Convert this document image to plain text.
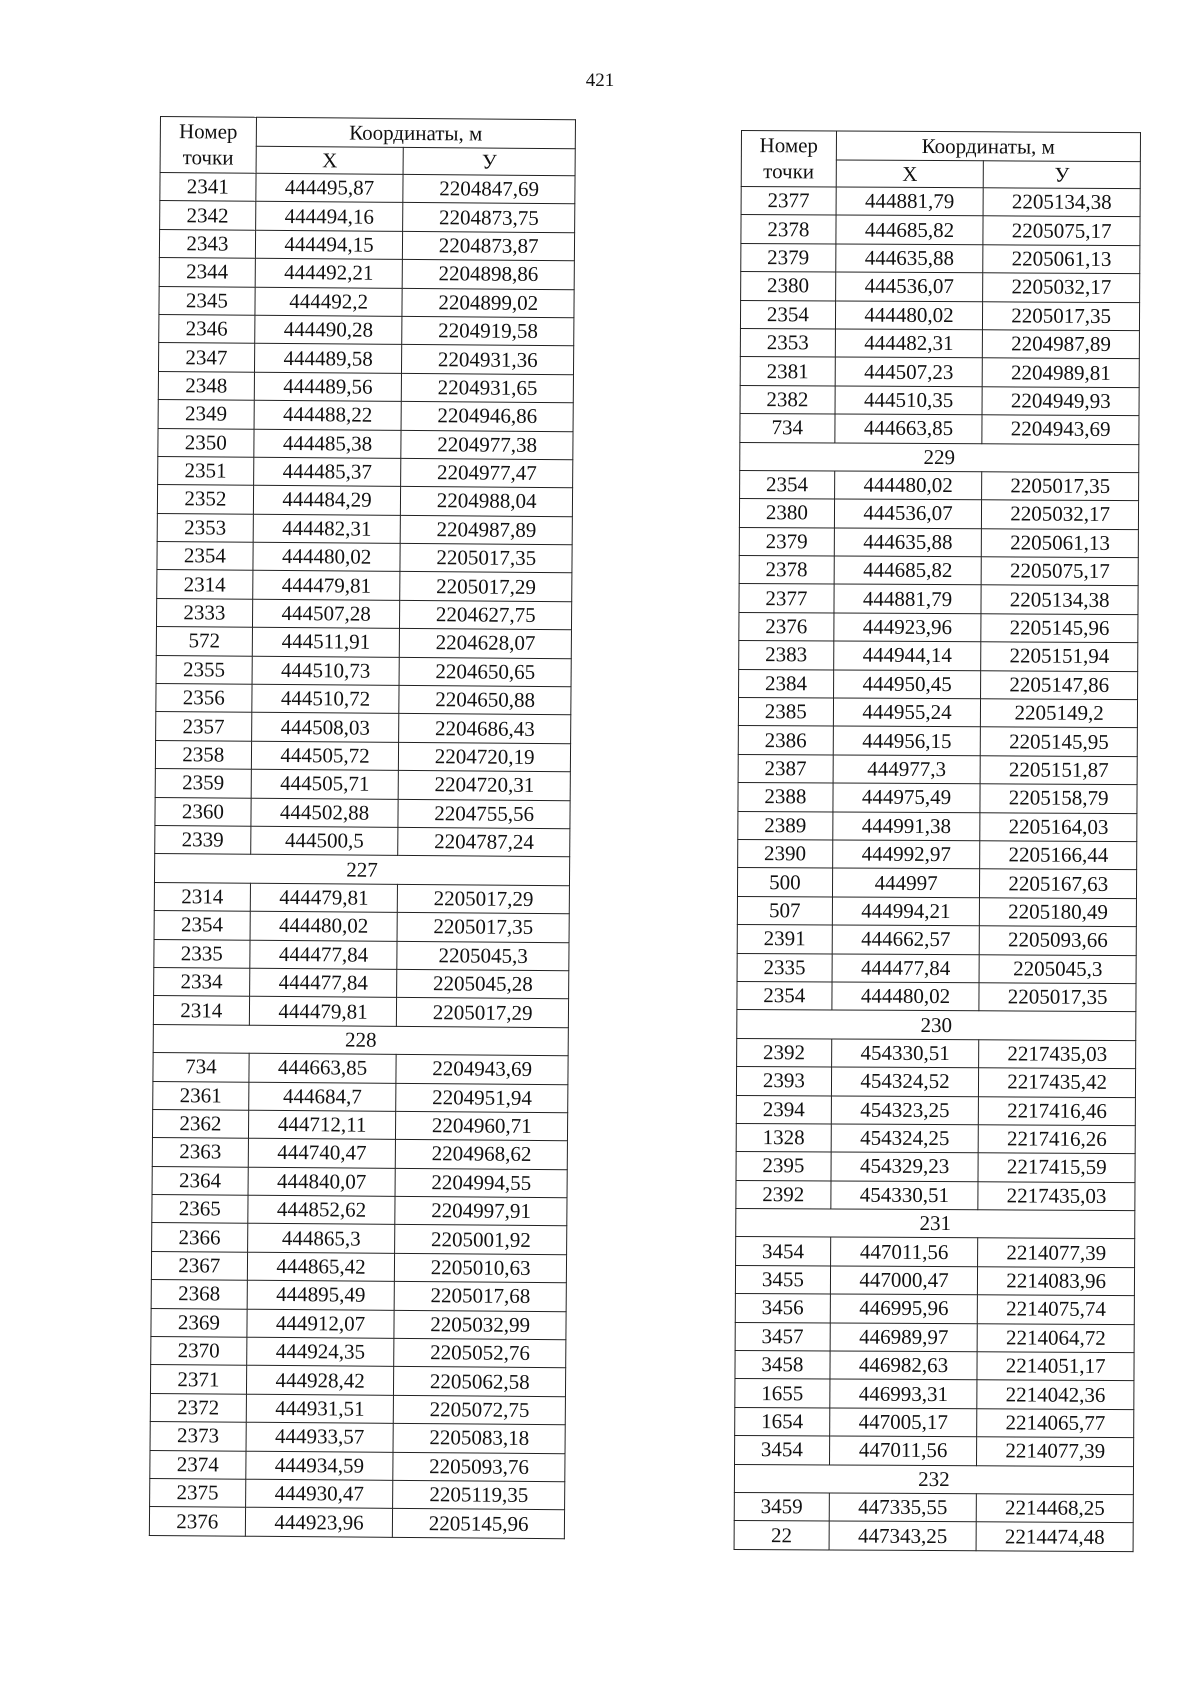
421
Номер точки	Координаты, м	
	Х	У
2341	444495,87	2204847,69
2342	444494,16	2204873,75
2343	444494,15	2204873,87
2344	444492,21	2204898,86
2345	444492,2	2204899,02
2346	444490,28	2204919,58
2347	444489,58	2204931,36
2348	444489,56	2204931,65
2349	444488,22	2204946,86
2350	444485,38	2204977,38
2351	444485,37	2204977,47
2352	444484,29	2204988,04
2353	444482,31	2204987,89
2354	444480,02	2205017,35
2314	444479,81	2205017,29
2333	444507,28	2204627,75
572	444511,91	2204628,07
2355	444510,73	2204650,65
2356	444510,72	2204650,88
2357	444508,03	2204686,43
2358	444505,72	2204720,19
2359	444505,71	2204720,31
2360	444502,88	2204755,56
2339	444500,5	2204787,24
227		
2314	444479,81	2205017,29
2354	444480,02	2205017,35
2335	444477,84	2205045,3
2334	444477,84	2205045,28
2314	444479,81	2205017,29
228		
734	444663,85	2204943,69
2361	444684,7	2204951,94
2362	444712,11	2204960,71
2363	444740,47	2204968,62
2364	444840,07	2204994,55
2365	444852,62	2204997,91
2366	444865,3	2205001,92
2367	444865,42	2205010,63
2368	444895,49	2205017,68
2369	444912,07	2205032,99
2370	444924,35	2205052,76
2371	444928,42	2205062,58
2372	444931,51	2205072,75
2373	444933,57	2205083,18
2374	444934,59	2205093,76
2375	444930,47	2205119,35
2376	444923,96	2205145,96
Номер точки	Координаты, м	
	Х	У
2377	444881,79	2205134,38
2378	444685,82	2205075,17
2379	444635,88	2205061,13
2380	444536,07	2205032,17
2354	444480,02	2205017,35
2353	444482,31	2204987,89
2381	444507,23	2204989,81
2382	444510,35	2204949,93
734	444663,85	2204943,69
229		
2354	444480,02	2205017,35
2380	444536,07	2205032,17
2379	444635,88	2205061,13
2378	444685,82	2205075,17
2377	444881,79	2205134,38
2376	444923,96	2205145,96
2383	444944,14	2205151,94
2384	444950,45	2205147,86
2385	444955,24	2205149,2
2386	444956,15	2205145,95
2387	444977,3	2205151,87
2388	444975,49	2205158,79
2389	444991,38	2205164,03
2390	444992,97	2205166,44
500	444997	2205167,63
507	444994,21	2205180,49
2391	444662,57	2205093,66
2335	444477,84	2205045,3
2354	444480,02	2205017,35
230		
2392	454330,51	2217435,03
2393	454324,52	2217435,42
2394	454323,25	2217416,46
1328	454324,25	2217416,26
2395	454329,23	2217415,59
2392	454330,51	2217435,03
231		
3454	447011,56	2214077,39
3455	447000,47	2214083,96
3456	446995,96	2214075,74
3457	446989,97	2214064,72
3458	446982,63	2214051,17
1655	446993,31	2214042,36
1654	447005,17	2214065,77
3454	447011,56	2214077,39
232		
3459	447335,55	2214468,25
22	447343,25	2214474,48
